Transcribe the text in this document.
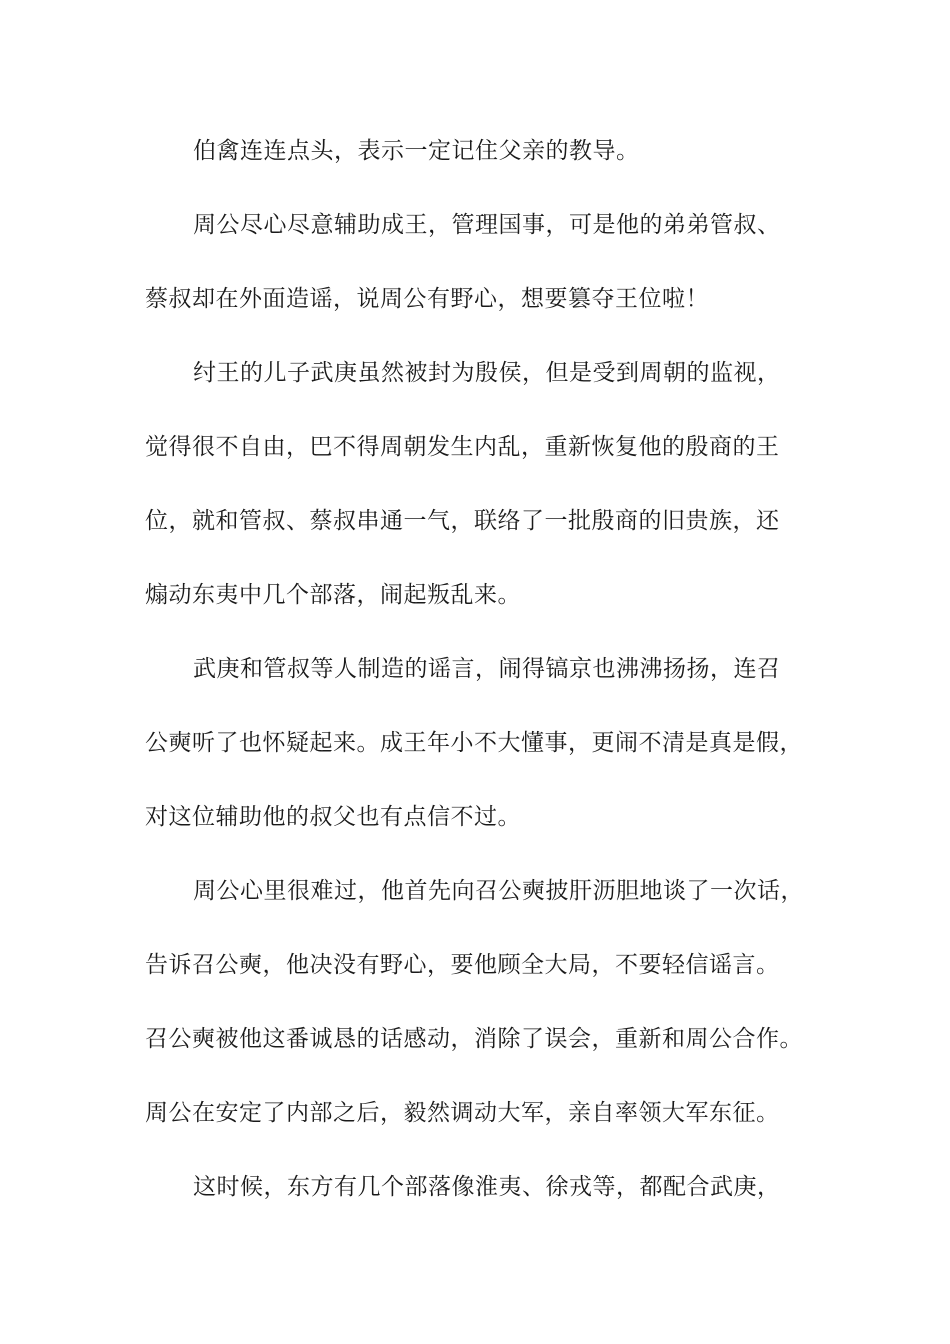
伯禽连连点头，表示一定记住父亲的教导。
周公尽心尽意辅助成王，管理国事，可是他的弟弟管叔、
蔡叔却在外面造谣，说周公有野心，想要篡夺王位啦！
纣王的儿子武庚虽然被封为殷侯，但是受到周朝的监视，
觉得很不自由，巴不得周朝发生内乱，重新恢复他的殷商的王
位，就和管叔、蔡叔串通一气，联络了一批殷商的旧贵族，还
煽动东夷中几个部落，闹起叛乱来。
武庚和管叔等人制造的谣言，闹得镐京也沸沸扬扬，连召
公奭听了也怀疑起来。成王年小不大懂事，更闹不清是真是假，
对这位辅助他的叔父也有点信不过。
周公心里很难过，他首先向召公奭披肝沥胆地谈了一次话，
告诉召公奭，他决没有野心，要他顾全大局，不要轻信谣言。
召公奭被他这番诚恳的话感动，消除了误会，重新和周公合作。
周公在安定了内部之后，毅然调动大军，亲自率领大军东征。
这时候，东方有几个部落像淮夷、徐戎等，都配合武庚，
